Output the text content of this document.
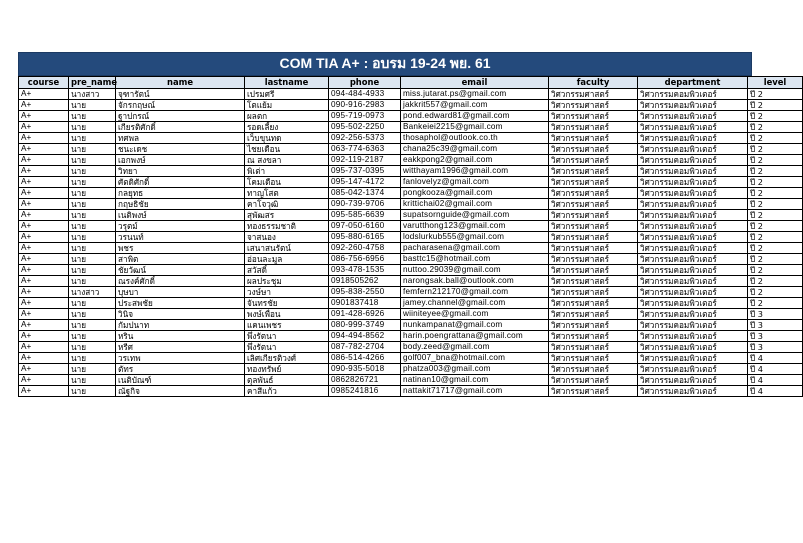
COM TIA A+ : อบรม 19-24 พย. 61
course	pre_name	name	lastname	phone	email	faculty	department	level
A+	นางสาว	จุฑารัตน์	เปรมศรี	094-484-4933	miss.jutarat.ps@gmail.com	วิศวกรรมศาสตร์	วิศวกรรมคอมพิวเตอร์	ปี 2
A+	นาย	จักรกฤษณ์	โตแย้ม	090-916-2983	jakkrit557@gmail.com	วิศวกรรมศาสตร์	วิศวกรรมคอมพิวเตอร์	ปี 2
A+	นาย	ฐาปกรณ์	ผลตก	095-719-0973	pond.edward81@gmail.com	วิศวกรรมศาสตร์	วิศวกรรมคอมพิวเตอร์	ปี 2
A+	นาย	เกียรติศักดิ์	รอดเลี้ยง	095-502-2250	Bankeiei2215@gmail.com	วิศวกรรมศาสตร์	วิศวกรรมคอมพิวเตอร์	ปี 2
A+	นาย	ทศพล	เว็บขุนทด	092-256-5373	thosaphol@outlook.co.th	วิศวกรรมศาสตร์	วิศวกรรมคอมพิวเตอร์	ปี 2
A+	นาย	ชนะเดช	ไชยเดือน	063-774-6363	chana25c39@gmail.com	วิศวกรรมศาสตร์	วิศวกรรมคอมพิวเตอร์	ปี 2
A+	นาย	เอกพงษ์	ณ สงขลา	092-119-2187	eakkpong2@gmail.com	วิศวกรรมศาสตร์	วิศวกรรมคอมพิวเตอร์	ปี 2
A+	นาย	วิทยา	พิเต่า	095-737-0395	witthayam1996@gmail.com	วิศวกรรมศาสตร์	วิศวกรรมคอมพิวเตอร์	ปี 2
A+	นาย	ศัตดิศักดิ์	โคมเดือน	095-147-4172	fanlovelyz@gmail.com	วิศวกรรมศาสตร์	วิศวกรรมคอมพิวเตอร์	ปี 2
A+	นาย	กลยุทธ	ทาญโสต	085-042-1374	pongkooza@gmail.com	วิศวกรรมศาสตร์	วิศวกรรมคอมพิวเตอร์	ปี 2
A+	นาย	กฤษธิชัย	คาโจวุฒิ	090-739-9706	krittichai02@gmail.com	วิศวกรรมศาสตร์	วิศวกรรมคอมพิวเตอร์	ปี 2
A+	นาย	เนติพงษ์	สุพัฒสร	095-585-6639	supatsornguide@gmail.com	วิศวกรรมศาสตร์	วิศวกรรมคอมพิวเตอร์	ปี 2
A+	นาย	วรุตม์	ทองธรรมชาติ	097-050-6160	varutthong123@gmail.com	วิศวกรรมศาสตร์	วิศวกรรมคอมพิวเตอร์	ปี 2
A+	นาย	วรนนท์	จาสนอง	095-880-6165	lodslurkub555@gmail.com	วิศวกรรมศาสตร์	วิศวกรรมคอมพิวเตอร์	ปี 2
A+	นาย	พชร	เสนาสนรัตน์	092-260-4758	pacharasena@gmail.com	วิศวกรรมศาสตร์	วิศวกรรมคอมพิวเตอร์	ปี 2
A+	นาย	สาพิต	อ่อนละมูล	086-756-6956	basttc15@hotmail.com	วิศวกรรมศาสตร์	วิศวกรรมคอมพิวเตอร์	ปี 2
A+	นาย	ชัยวัฒน์	สวัสดิ์	093-478-1535	nuttoo.29039@gmail.com	วิศวกรรมศาสตร์	วิศวกรรมคอมพิวเตอร์	ปี 2
A+	นาย	ณรงค์ศักดิ์	ผลประชุม	0918505262	narongsak.ball@outlook.com	วิศวกรรมศาสตร์	วิศวกรรมคอมพิวเตอร์	ปี 2
A+	นางสาว	บุษบา	วงษ์ษา	095-838-2550	femfern212170@gmail.com	วิศวกรรมศาสตร์	วิศวกรรมคอมพิวเตอร์	ปี 2
A+	นาย	ประสพชัย	จันทรชัย	0901837418	jamey.channel@gmail.com	วิศวกรรมศาสตร์	วิศวกรรมคอมพิวเตอร์	ปี 2
A+	นาย	วินิจ	พงษ์เพื่อน	091-428-6926	wiiniteyee@gmail.com	วิศวกรรมศาสตร์	วิศวกรรมคอมพิวเตอร์	ปี 3
A+	นาย	กัมปนาท	แคนเพชร	080-999-3749	nunkampanat@gmail.com	วิศวกรรมศาสตร์	วิศวกรรมคอมพิวเตอร์	ปี 3
A+	นาย	หริน	พึ่งรัตนา	094-494-8562	harin.poengrattana@gmail.com	วิศวกรรมศาสตร์	วิศวกรรมคอมพิวเตอร์	ปี 3
A+	นาย	หรีศ	พึ่งรัตนา	087-782-2704	body.zeed@gmail.com	วิศวกรรมศาสตร์	วิศวกรรมคอมพิวเตอร์	ปี 3
A+	นาย	วรเทพ	เลิศเกียรติวงศ์	086-514-4266	golf007_bna@hotmail.com	วิศวกรรมศาสตร์	วิศวกรรมคอมพิวเตอร์	ปี 4
A+	นาย	ตัทร	ทองทรัพย์	090-935-5018	phatza003@gmail.com	วิศวกรรมศาสตร์	วิศวกรรมคอมพิวเตอร์	ปี 4
A+	นาย	เนติบัณฑ์	ตุลพันธ์	0862826721	natinan10@gmail.com	วิศวกรรมศาสตร์	วิศวกรรมคอมพิวเตอร์	ปี 4
A+	นาย	ณัฐกิจ	คาสีแก้ว	0985241816	nattakit71717@gmail.com	วิศวกรรมศาสตร์	วิศวกรรมคอมพิวเตอร์	ปี 4
